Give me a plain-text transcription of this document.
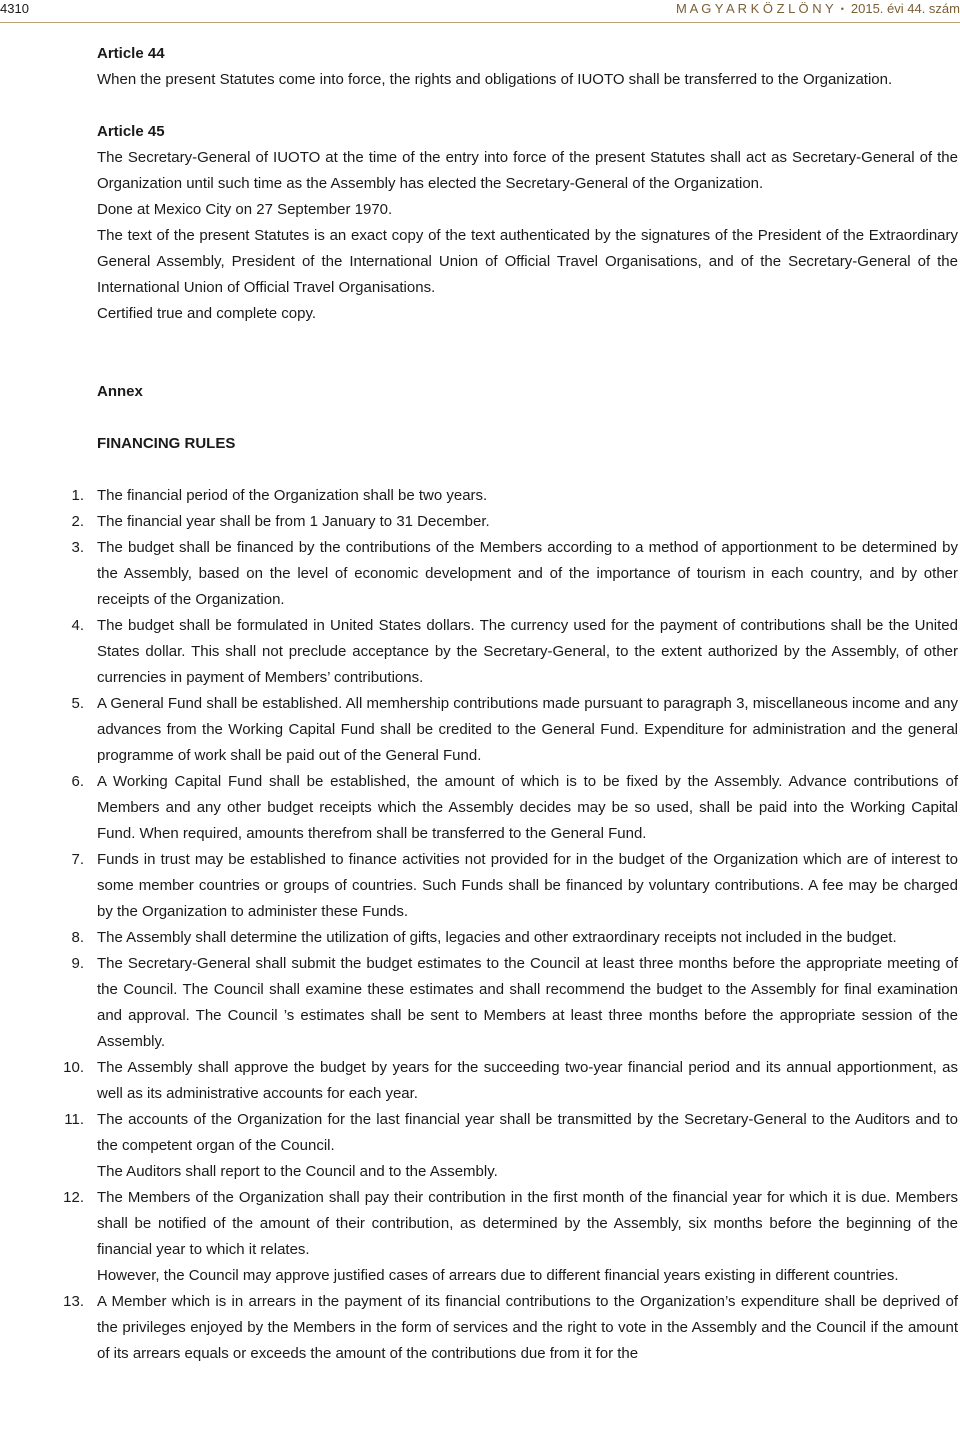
4310	M A G Y A R K Ö Z L Ö N Y • 2015. évi 44. szám

Article 44

When the present Statutes come into force, the rights and obligations of IUOTO shall be transferred to the Organization.

Article 45

The Secretary-General of IUOTO at the time of the entry into force of the present Statutes shall act as Secretary-General of the Organization until such time as the Assembly has elected the Secretary-General of the Organization.

Done at Mexico City on 27 September 1970.

The text of the present Statutes is an exact copy of the text authenticated by the signatures of the President of the Extraordinary General Assembly, President of the International Union of Official Travel Organisations, and of the Secretary-General of the International Union of Official Travel Organisations.

Certified true and complete copy.

Annex

FINANCING RULES

1. The financial period of the Organization shall be two years.

2. The financial year shall be from 1 January to 31 December.

3. The budget shall be financed by the contributions of the Members according to a method of apportionment to be determined by the Assembly, based on the level of economic development and of the importance of tourism in each country, and by other receipts of the Organization.

4. The budget shall be formulated in United States dollars. The currency used for the payment of contributions shall be the United States dollar. This shall not preclude acceptance by the Secretary-General, to the extent authorized by the Assembly, of other currencies in payment of Members’ contributions.

5. A General Fund shall be established. All memhership contributions made pursuant to paragraph 3, miscellaneous income and any advances from the Working Capital Fund shall be credited to the General Fund. Expenditure for administration and the general programme of work shall be paid out of the General Fund.

6. A Working Capital Fund shall be established, the amount of which is to be fixed by the Assembly. Advance contributions of Members and any other budget receipts which the Assembly decides may be so used, shall be paid into the Working Capital Fund. When required, amounts therefrom shall be transferred to the General Fund.

7. Funds in trust may be established to finance activities not provided for in the budget of the Organization which are of interest to some member countries or groups of countries. Such Funds shall be financed by voluntary contributions. A fee may be charged by the Organization to administer these Funds.

8. The Assembly shall determine the utilization of gifts, legacies and other extraordinary receipts not included in the budget.

9. The Secretary-General shall submit the budget estimates to the Council at least three months before the appropriate meeting of the Council. The Council shall examine these estimates and shall recommend the budget to the Assembly for final examination and approval. The Council ’s estimates shall be sent to Members at least three months before the appropriate session of the Assembly.

10. The Assembly shall approve the budget by years for the succeeding two-year financial period and its annual apportionment, as well as its administrative accounts for each year.

11. The accounts of the Organization for the last financial year shall be transmitted by the Secretary-General to the Auditors and to the competent organ of the Council.

The Auditors shall report to the Council and to the Assembly.

12. The Members of the Organization shall pay their contribution in the first month of the financial year for which it is due. Members shall be notified of the amount of their contribution, as determined by the Assembly, six months before the beginning of the financial year to which it relates.

However, the Council may approve justified cases of arrears due to different financial years existing in different countries.

13. A Member which is in arrears in the payment of its financial contributions to the Organization’s expenditure shall be deprived of the privileges enjoyed by the Members in the form of services and the right to vote in the Assembly and the Council if the amount of its arrears equals or exceeds the amount of the contributions due from it for the
